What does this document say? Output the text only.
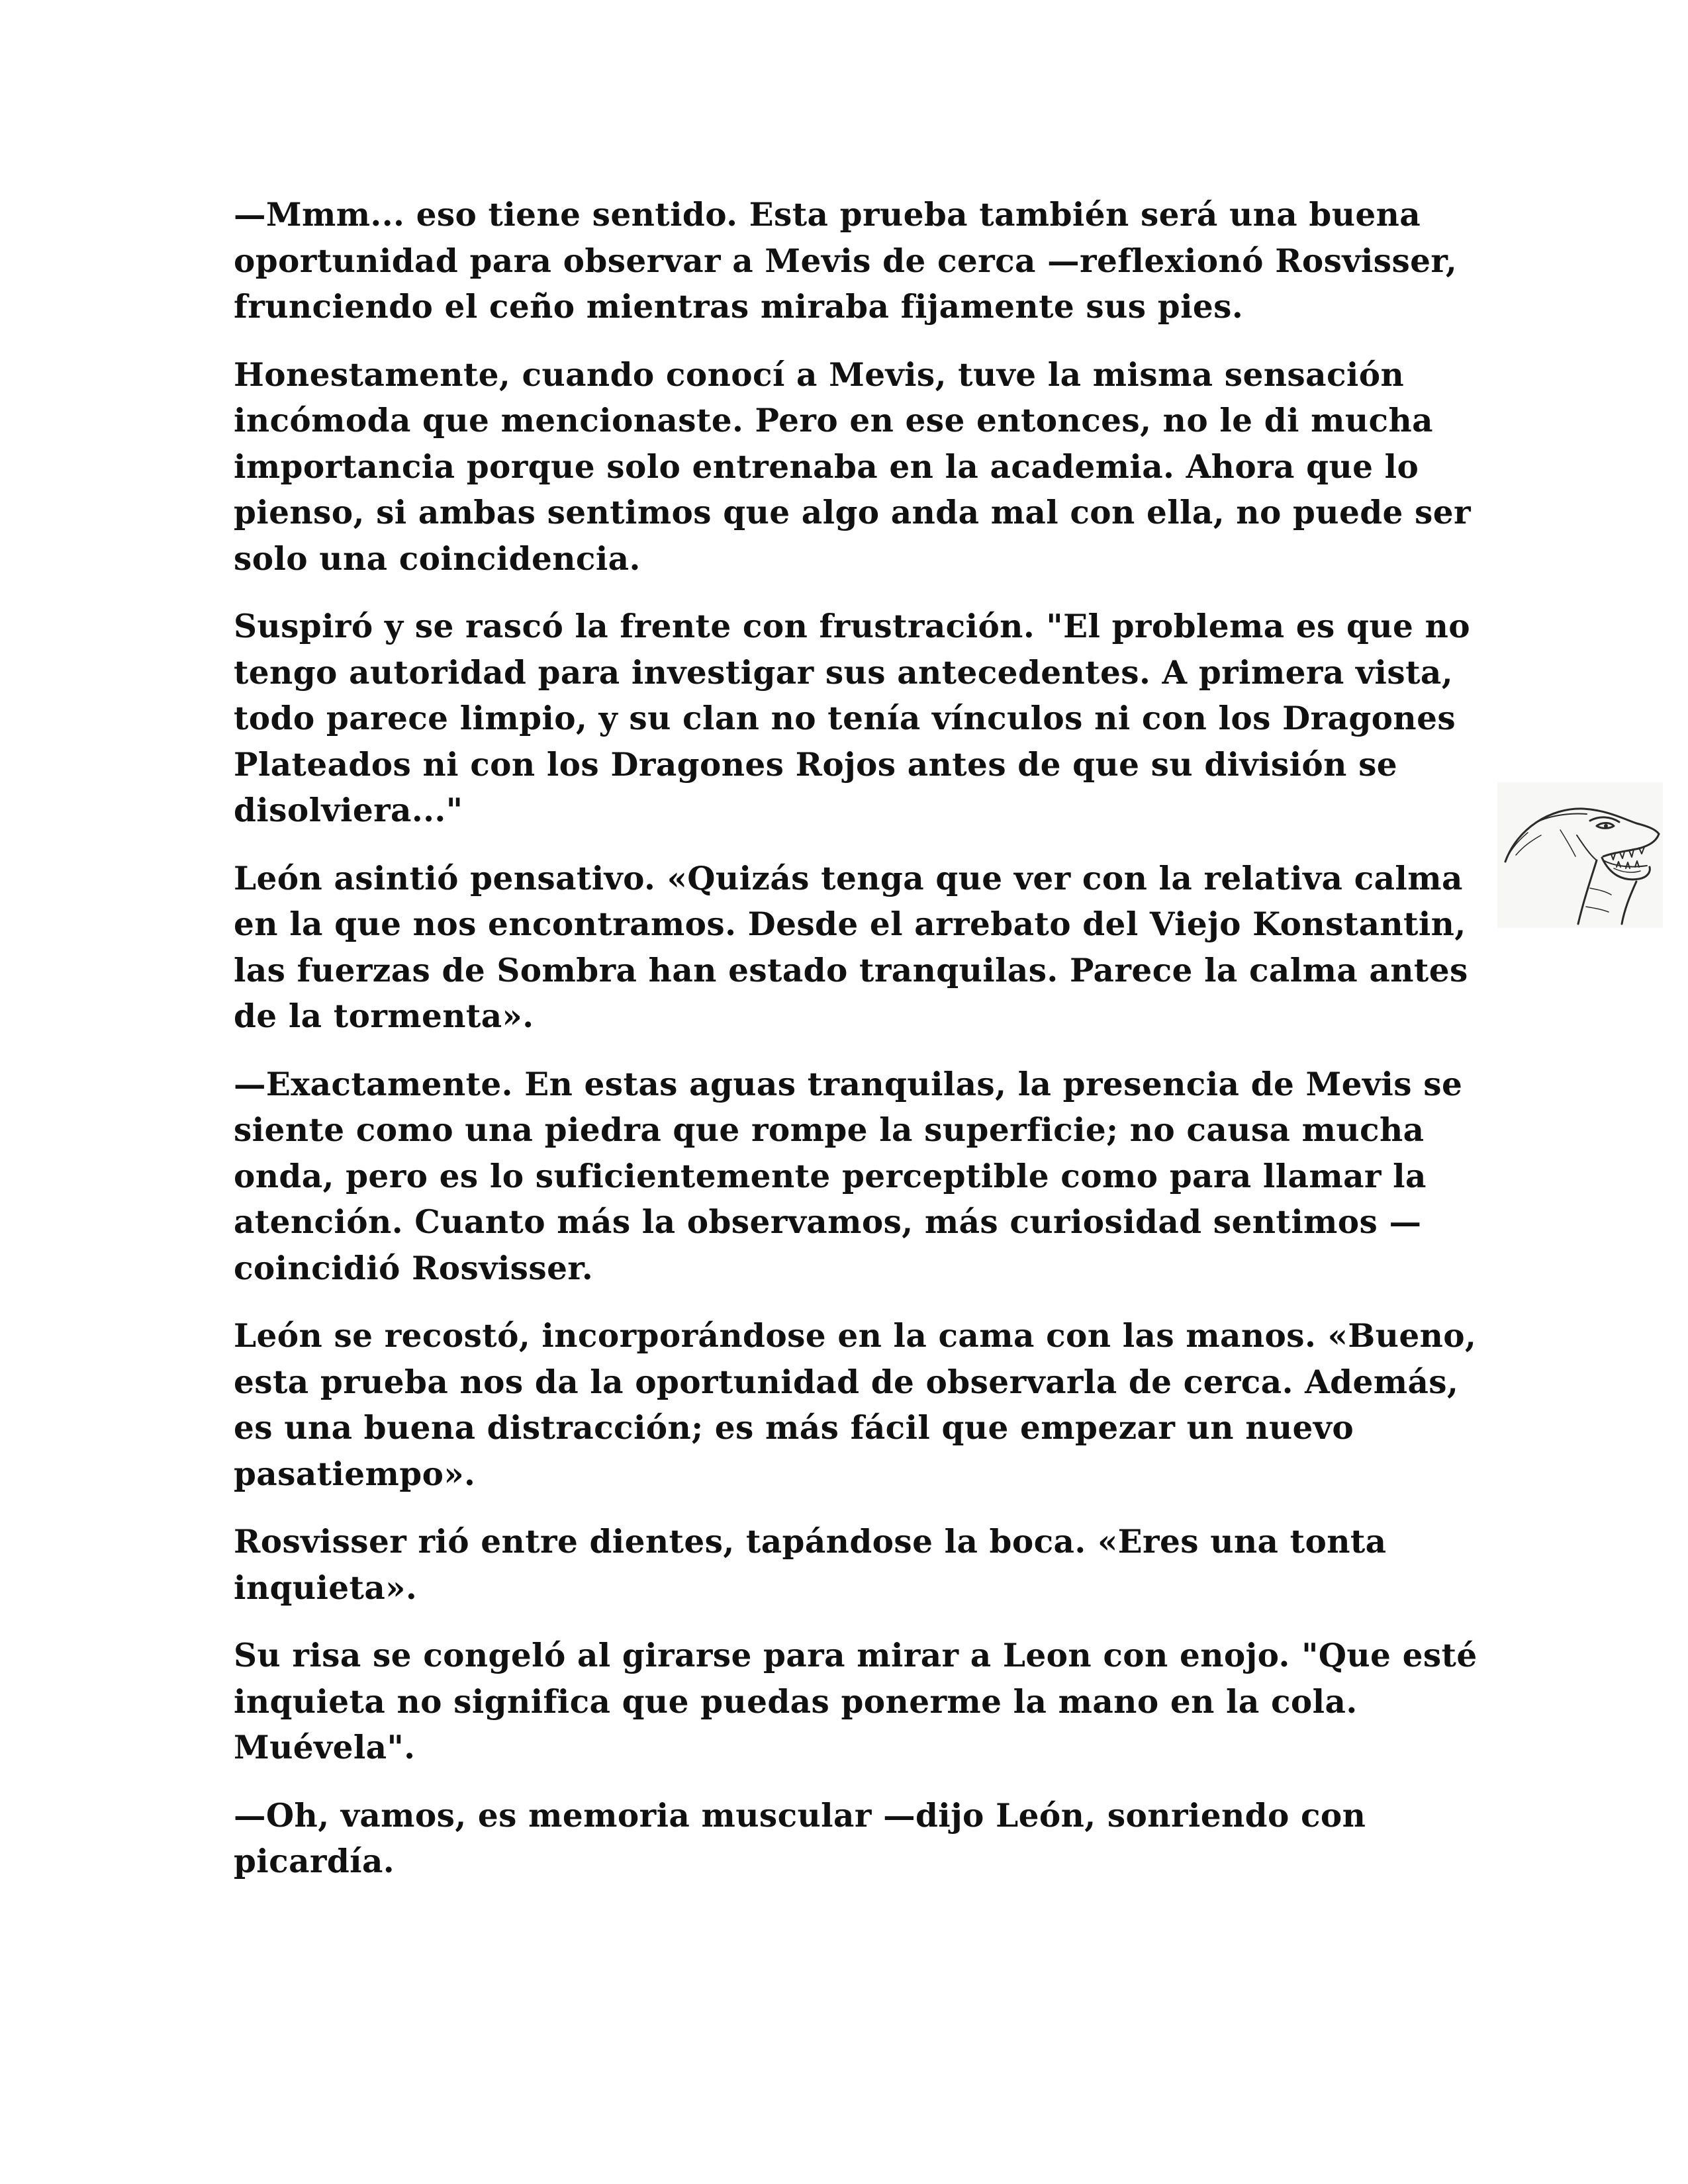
—Mmm... eso tiene sentido. Esta prueba también será una buena oportunidad para observar a Mevis de cerca —reflexionó Rosvisser, frunciendo el ceño mientras miraba fijamente sus pies.

Honestamente, cuando conocí a Mevis, tuve la misma sensación incómoda que mencionaste. Pero en ese entonces, no le di mucha importancia porque solo entrenaba en la academia. Ahora que lo pienso, si ambas sentimos que algo anda mal con ella, no puede ser solo una coincidencia.

Suspiró y se rascó la frente con frustración. "El problema es que no tengo autoridad para investigar sus antecedentes. A primera vista, todo parece limpio, y su clan no tenía vínculos ni con los Dragones Plateados ni con los Dragones Rojos antes de que su división se disolviera..."

León asintió pensativo. «Quizás tenga que ver con la relativa calma en la que nos encontramos. Desde el arrebato del Viejo Konstantin, las fuerzas de Sombra han estado tranquilas. Parece la calma antes de la tormenta».

—Exactamente. En estas aguas tranquilas, la presencia de Mevis se siente como una piedra que rompe la superficie; no causa mucha onda, pero es lo suficientemente perceptible como para llamar la atención. Cuanto más la observamos, más curiosidad sentimos —coincidió Rosvisser.

León se recostó, incorporándose en la cama con las manos. «Bueno, esta prueba nos da la oportunidad de observarla de cerca. Además, es una buena distracción; es más fácil que empezar un nuevo pasatiempo».

Rosvisser rió entre dientes, tapándose la boca. «Eres una tonta inquieta».

Su risa se congeló al girarse para mirar a Leon con enojo. "Que esté inquieta no significa que puedas ponerme la mano en la cola. Muévela".

—Oh, vamos, es memoria muscular —dijo León, sonriendo con picardía.
